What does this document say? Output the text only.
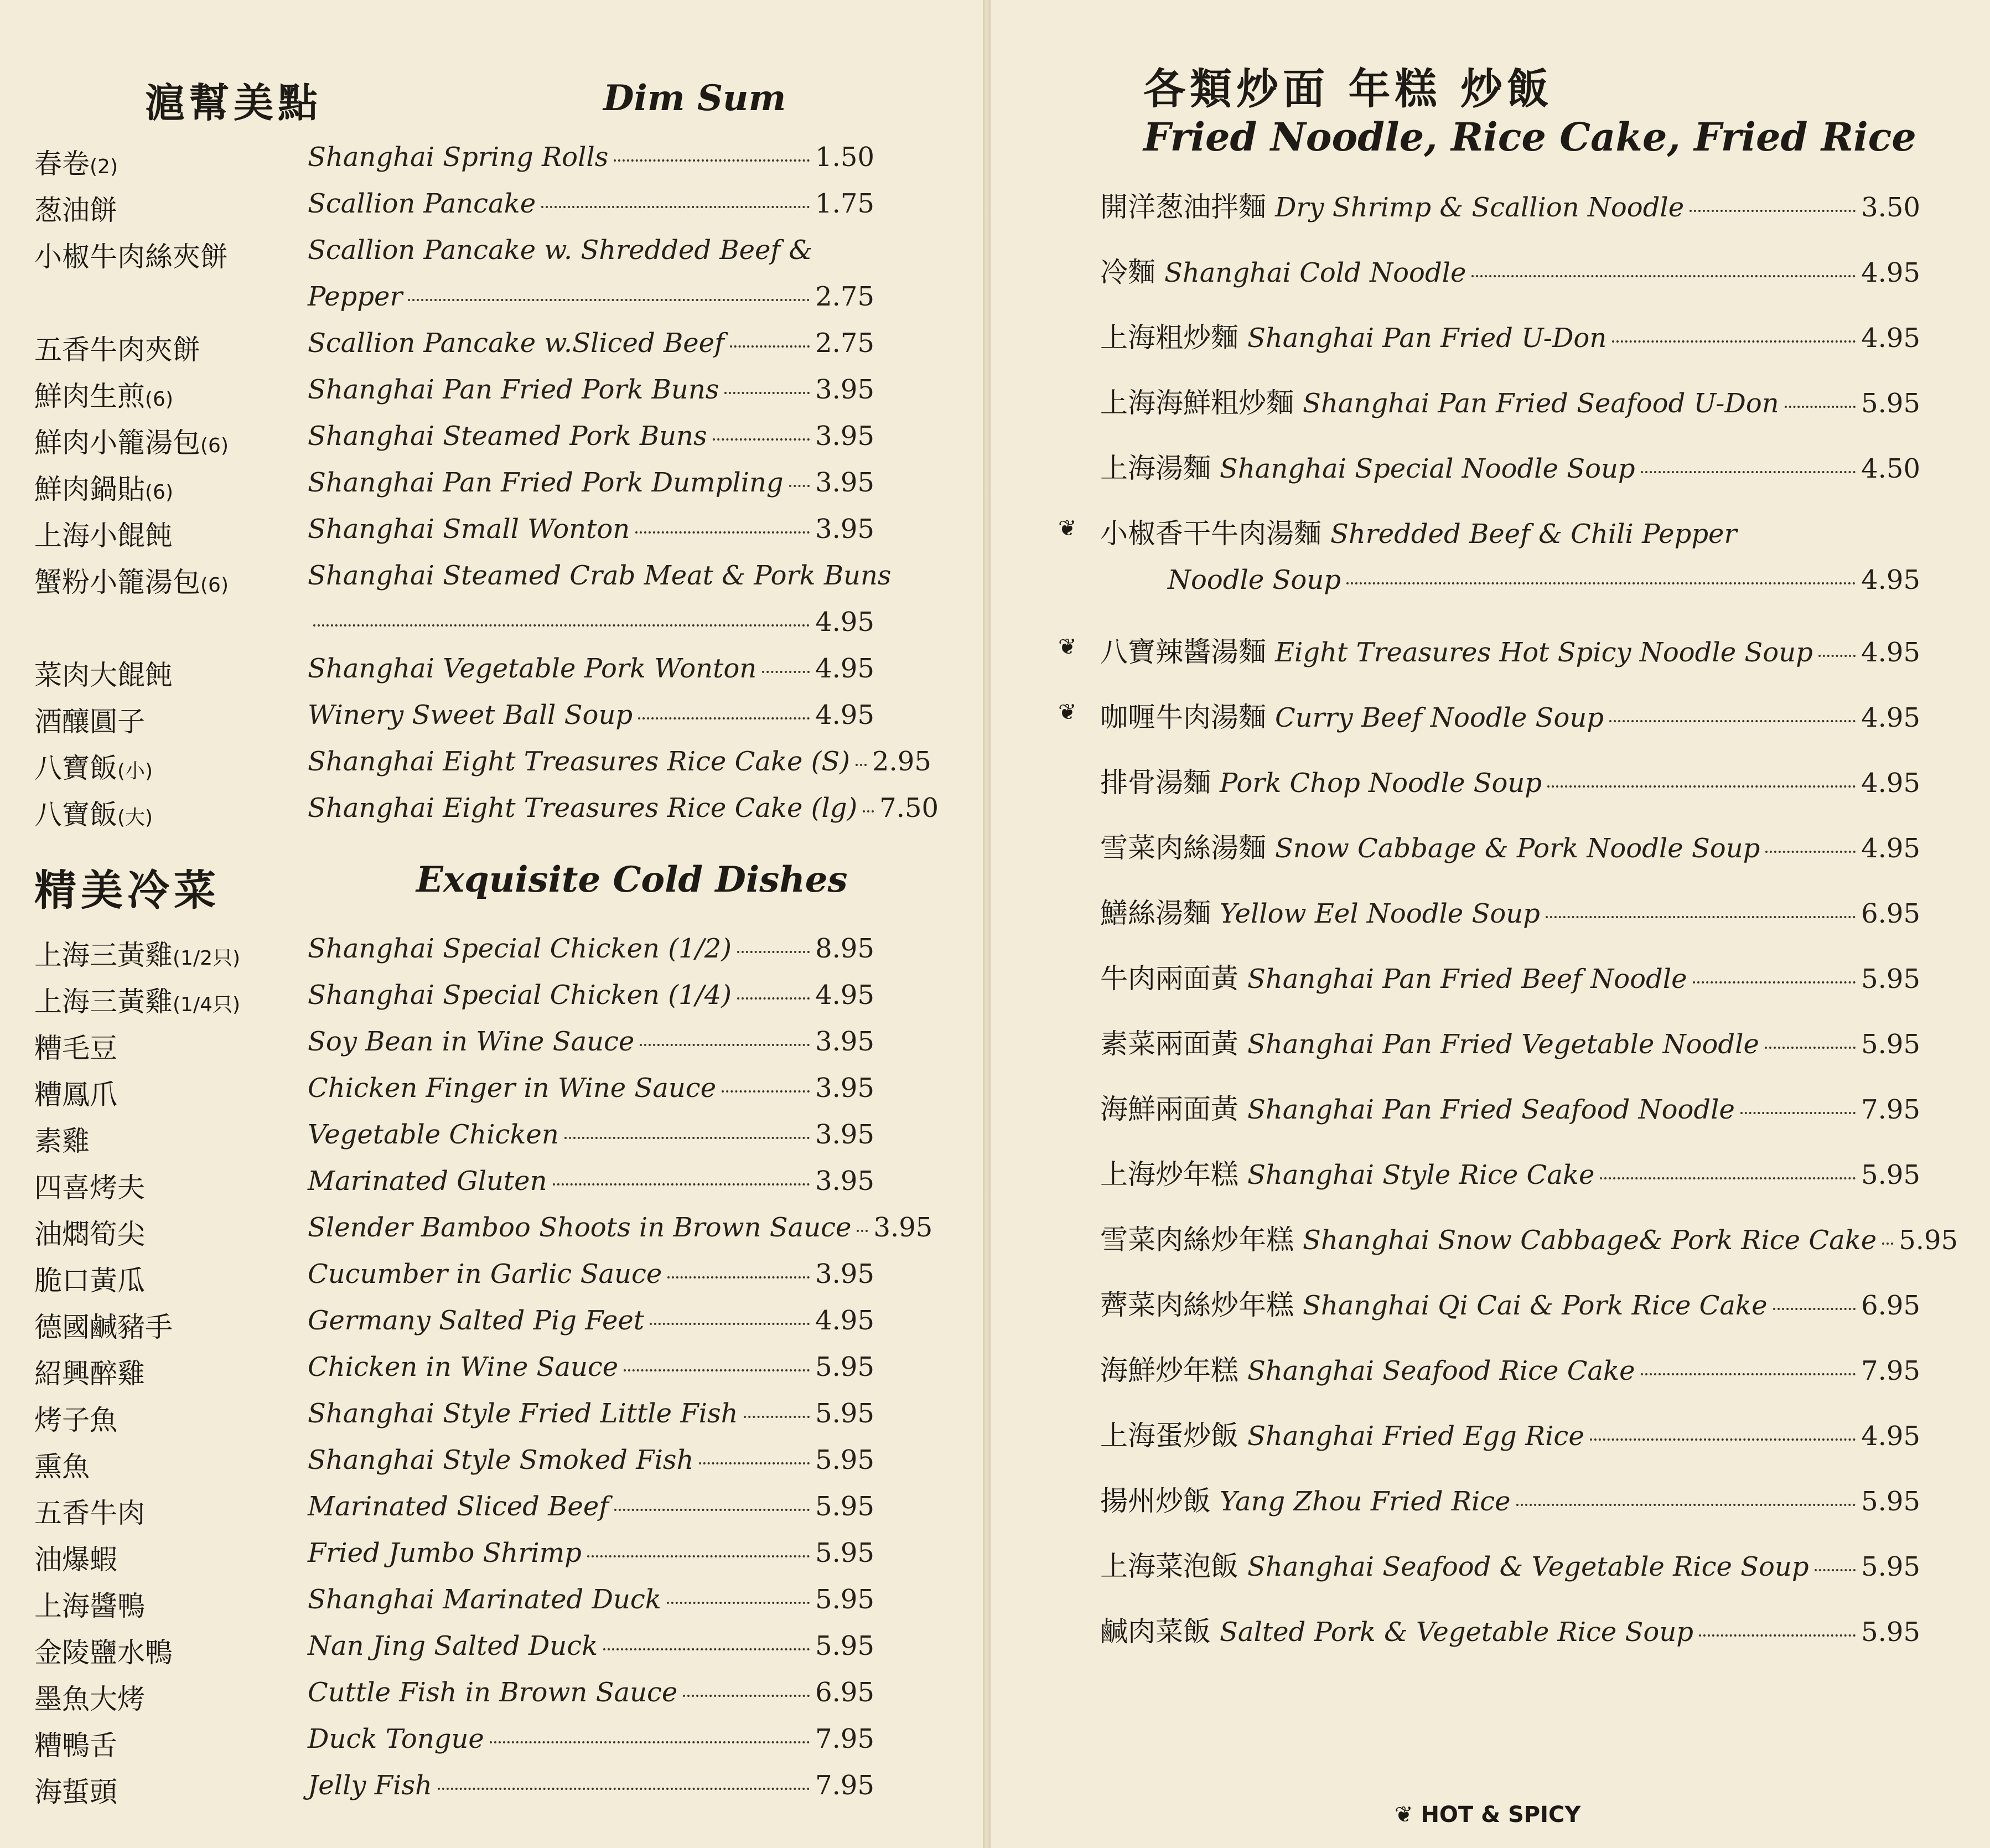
滬幫美點	Dim Sum
精美冷菜	Exquisite Cold Dishes
各類炒面 年糕 炒飯
Fried Noodle, Rice Cake, Fried Rice
春卷 (2)	Shanghai Spring Rolls	1.50
葱油餅	Scallion Pancake	1.75
小椒牛肉絲夾餅	Scallion Pancake w. Shredded Beef &
Pepper	2.75
五香牛肉夾餅	Scallion Pancake w.Sliced Beef	2.75
鮮肉生煎 (6)	Shanghai Pan Fried Pork Buns	3.95
鮮肉小籠湯包 (6)	Shanghai Steamed Pork Buns	3.95
鮮肉鍋貼 (6)	Shanghai Pan Fried Pork Dumpling 3.95
上海小餛飩	Shanghai Small Wonton	3.95
蟹粉小籠湯包 (6)	Shanghai Steamed Crab Meat & Pork Buns
4.95
菜肉大餛飩	Shanghai Vegetable Pork Wonton 4.95
酒釀圓子	Winery Sweet Ball Soup	4.95
八寶飯 (小)	Shanghai Eight Treasures Rice Cake (S) 2.95
八寶飯 (大)	Shanghai Eight Treasures Rice Cake (lg) 7.50
上海三黃雞 (1/2只)	Shanghai Special Chicken (1/2)	8.95
上海三黃雞 (1/4只)	Shanghai Special Chicken (1/4)	4.95
糟毛豆	Soy Bean in Wine Sauce	3.95
糟鳳爪	Chicken Finger in Wine Sauce	3.95
素雞	Vegetable Chicken	3.95
四喜烤夫	Marinated Gluten	3.95
油燜筍尖	Slender Bamboo Shoots in Brown Sauce 3.95
脆口黃瓜	Cucumber in Garlic Sauce	3.95
德國鹹豬手	Germany Salted Pig Feet	4.95
紹興醉雞	Chicken in Wine Sauce	5.95
烤子魚	Shanghai Style Fried Little Fish	5.95
熏魚	Shanghai Style Smoked Fish	5.95
五香牛肉	Marinated Sliced Beef	5.95
油爆蝦	Fried Jumbo Shrimp	5.95
上海醬鴨	Shanghai Marinated Duck	5.95
金陵鹽水鴨	Nan Jing Salted Duck	5.95
墨魚大烤	Cuttle Fish in Brown Sauce	6.95
糟鴨舌	Duck Tongue	7.95
海蜇頭	Jelly Fish	7.95
開洋葱油拌麵 Dry Shrimp & Scallion Noodle	3.50
冷麵 Shanghai Cold Noodle	4.95
上海粗炒麵 Shanghai Pan Fried U-Don	4.95
上海海鮮粗炒麵 Shanghai Pan Fried Seafood U-Don	5.95
上海湯麵 Shanghai Special Noodle Soup	4.50
❦ 小椒香干牛肉湯麵 Shredded Beef & Chili Pepper
Noodle Soup	4.95
❦ 八寶辣醬湯麵 Eight Treasures Hot Spicy Noodle Soup 4.95
❦ 咖喱牛肉湯麵 Curry Beef Noodle Soup	4.95
排骨湯麵 Pork Chop Noodle Soup	4.95
雪菜肉絲湯麵 Snow Cabbage & Pork Noodle Soup	4.95
鱔絲湯麵 Yellow Eel Noodle Soup	6.95
牛肉兩面黃 Shanghai Pan Fried Beef Noodle	5.95
素菜兩面黃 Shanghai Pan Fried Vegetable Noodle	5.95
海鮮兩面黃 Shanghai Pan Fried Seafood Noodle	7.95
上海炒年糕 Shanghai Style Rice Cake	5.95
雪菜肉絲炒年糕 Shanghai Snow Cabbage& Pork Rice Cake 5.95
薺菜肉絲炒年糕 Shanghai Qi Cai & Pork Rice Cake	6.95
海鮮炒年糕 Shanghai Seafood Rice Cake	7.95
上海蛋炒飯 Shanghai Fried Egg Rice	4.95
揚州炒飯 Yang Zhou Fried Rice	5.95
上海菜泡飯 Shanghai Seafood & Vegetable Rice Soup 5.95
鹹肉菜飯 Salted Pork & Vegetable Rice Soup	5.95
❦ HOT & SPICY
